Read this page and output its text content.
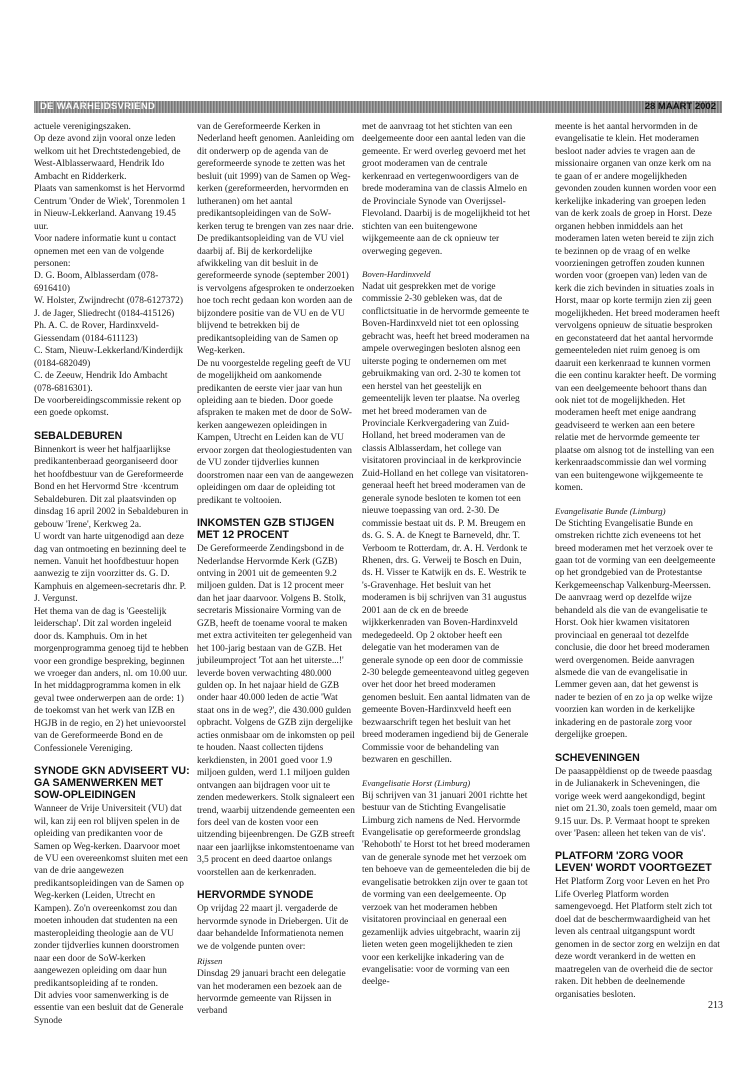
DE WAARHEIDSVRIEND	28 MAART 2002

actuele verenigingszaken.

Op deze avond zijn vooral onze leden welkom uit het Drechtstedengebied, de West-Alblasserwaard, Hendrik Ido Ambacht en Ridderkerk.

Plaats van samenkomst is het Hervormd Centrum 'Onder de Wiek', Torenmolen 1 in Nieuw-Lekkerland. Aanvang 19.45 uur.

Voor nadere informatie kunt u contact opnemen met een van de volgende personen:

D. G. Boom, Alblasserdam (078-6916410)
W. Holster, Zwijndrecht (078-6127372)
J. de Jager, Sliedrecht (0184-415126)
Ph. A. C. de Rover, Hardinxveld-Giessendam (0184-611123)
C. Stam, Nieuw-Lekkerland/Kinderdijk (0184-682049)
C. de Zeeuw, Hendrik Ido Ambacht (078-6816301).

De voorbereidingscommissie rekent op een goede opkomst.

SEBALDEBUREN

Binnenkort is weer het halfjaarlijkse predikantenberaad georganiseerd door het hoofdbestuur van de Gereformeerde Bond en het Hervormd Stre ·kcentrum Sebaldeburen. Dit zal plaatsvinden op dinsdag 16 april 2002 in Sebaldeburen in gebouw 'Irene', Kerkweg 2a.

U wordt van harte uitgenodigd aan deze dag van ontmoeting en bezinning deel te nemen. Vanuit het hoofdbestuur hopen aanwezig te zijn voorzitter ds. G. D. Kamphuis en algemeen-secretaris dhr. P. J. Vergunst.

Het thema van de dag is 'Geestelijk leiderschap'. Dit zal worden ingeleid door ds. Kamphuis. Om in het morgenprogramma genoeg tijd te hebben voor een grondige bespreking, beginnen we vroeger dan anders, nl. om 10.00 uur.

In het middagprogramma komen in elk geval twee onderwerpen aan de orde: 1) de toekomst van het werk van IZB en HGJB in de regio, en 2) het unievoorstel van de Gereformeerde Bond en de Confessionele Vereniging.

SYNODE GKN ADVISEERT VU: GA SAMENWERKEN MET SOW-OPLEIDINGEN

Wanneer de Vrije Universiteit (VU) dat wil, kan zij een rol blijven spelen in de opleiding van predikanten voor de Samen op Weg-kerken. Daarvoor moet de VU een overeenkomst sluiten met een van de drie aangewezen predikantsopleidingen van de Samen op Weg-kerken (Leiden, Utrecht en Kampen). Zo'n overeenkomst zou dan moeten inhouden dat studenten na een masteropleiding theologie aan de VU zonder tijdverlies kunnen doorstromen naar een door de SoW-kerken aangewezen opleiding om daar hun predikantsopleiding af te ronden.

Dit advies voor samenwerking is de essentie van een besluit dat de Generale Synode

van de Gereformeerde Kerken in Nederland heeft genomen. Aanleiding om dit onderwerp op de agenda van de gereformeerde synode te zetten was het besluit (uit 1999) van de Samen op Weg-kerken (gereformeerden, hervormden en lutheranen) om het aantal predikantsopleidingen van de SoW-kerken terug te brengen van zes naar drie. De predikantsopleiding van de VU viel daarbij af. Bij de kerkordelijke afwikkeling van dit besluit in de gereformeerde synode (september 2001) is vervolgens afgesproken te onderzoeken hoe toch recht gedaan kon worden aan de bijzondere positie van de VU en de VU blijvend te betrekken bij de predikantsopleiding van de Samen op Weg-kerken.

De nu voorgestelde regeling geeft de VU de mogelijkheid om aankomende predikanten de eerste vier jaar van hun opleiding aan te bieden. Door goede afspraken te maken met de door de SoW-kerken aangewezen opleidingen in Kampen, Utrecht en Leiden kan de VU ervoor zorgen dat theologiestudenten van de VU zonder tijdverlies kunnen doorstromen naar een van de aangewezen opleidingen om daar de opleiding tot predikant te voltooien.

INKOMSTEN GZB STIJGEN MET 12 PROCENT

De Gereformeerde Zendingsbond in de Nederlandse Hervormde Kerk (GZB) ontving in 2001 uit de gemeenten 9.2 miljoen gulden. Dat is 12 procent meer dan het jaar daarvoor. Volgens B. Stolk, secretaris Missionaire Vorming van de GZB, heeft de toename vooral te maken met extra activiteiten ter gelegenheid van het 100-jarig bestaan van de GZB. Het jubileumproject 'Tot aan het uiterste...!' leverde boven verwachting 480.000 gulden op. In het najaar hield de GZB onder haar 40.000 leden de actie 'Wat staat ons in de weg?', die 430.000 gulden opbracht. Volgens de GZB zijn dergelijke acties onmisbaar om de inkomsten op peil te houden. Naast collecten tijdens kerkdiensten, in 2001 goed voor 1.9 miljoen gulden, werd 1.1 miljoen gulden ontvangen aan bijdragen voor uit te zenden medewerkers. Stolk signaleert een trend, waarbij uitzendende gemeenten een fors deel van de kosten voor een uitzending bijeenbrengen. De GZB streeft naar een jaarlijkse inkomstentoename van 3,5 procent en deed daartoe onlangs voorstellen aan de kerkenraden.

HERVORMDE SYNODE

Op vrijdag 22 maart jl. vergaderde de hervormde synode in Driebergen. Uit de daar behandelde Informatienota nemen we de volgende punten over:

Rijssen

Dinsdag 29 januari bracht een delegatie van het moderamen een bezoek aan de hervormde gemeente van Rijssen in verband

met de aanvraag tot het stichten van een deelgemeente door een aantal leden van die gemeente. Er werd overleg gevoerd met het groot moderamen van de centrale kerkenraad en vertegenwoordigers van de brede moderamina van de classis Almelo en de Provinciale Synode van Overijssel-Flevoland. Daarbij is de mogelijkheid tot het stichten van een buitengewone wijkgemeente aan de ck opnieuw ter overweging gegeven.

Boven-Hardinxveld

Nadat uit gesprekken met de vorige commissie 2-30 gebleken was, dat de conflictsituatie in de hervormde gemeente te Boven-Hardinxveld niet tot een oplossing gebracht was, heeft het breed moderamen na ampele overwegingen besloten alsnog een uiterste poging te ondernemen om met gebruikmaking van ord. 2-30 te komen tot een herstel van het geestelijk en gemeentelijk leven ter plaatse. Na overleg met het breed moderamen van de Provinciale Kerkvergadering van Zuid-Holland, het breed moderamen van de classis Alblasserdam, het college van visitatoren provinciaal in de kerkprovincie Zuid-Holland en het college van visitatoren-generaal heeft het breed moderamen van de generale synode besloten te komen tot een nieuwe toepassing van ord. 2-30. De commissie bestaat uit ds. P. M. Breugem en ds. G. S. A. de Knegt te Barneveld, dhr. T. Verboom te Rotterdam, dr. A. H. Verdonk te Rhenen, drs. G. Verweij te Bosch en Duin, ds. H. Visser te Katwijk en ds. E. Westrik te 's-Gravenhage. Het besluit van het moderamen is bij schrijven van 31 augustus 2001 aan de ck en de breede wijkkerkenraden van Boven-Hardinxveld medegedeeld. Op 2 oktober heeft een delegatie van het moderamen van de generale synode op een door de commissie 2-30 belegde gemeenteavond uitleg gegeven over het door het breed moderamen genomen besluit. Een aantal lidmaten van de gemeente Boven-Hardinxveld heeft een bezwaarschrift tegen het besluit van het breed moderamen ingediend bij de Generale Commissie voor de behandeling van bezwaren en geschillen.

Evangelisatie Horst (Limburg)

Bij schrijven van 31 januari 2001 richtte het bestuur van de Stichting Evangelisatie Limburg zich namens de Ned. Hervormde Evangelisatie op gereformeerde grondslag 'Rehoboth' te Horst tot het breed moderamen van de generale synode met het verzoek om ten behoeve van de gemeenteleden die bij de evangelisatie betrokken zijn over te gaan tot de vorming van een deelgemeente. Op verzoek van het moderamen hebben visitatoren provinciaal en generaal een gezamenlijk advies uitgebracht, waarin zij lieten weten geen mogelijkheden te zien voor een kerkelijke inkadering van de evangelisatie: voor de vorming van een deelge-

meente is het aantal hervormden in de evangelisatie te klein. Het moderamen besloot nader advies te vragen aan de missionaire organen van onze kerk om na te gaan of er andere mogelijkheden gevonden zouden kunnen worden voor een kerkelijke inkadering van groepen leden van de kerk zoals de groep in Horst. Deze organen hebben inmiddels aan het moderamen laten weten bereid te zijn zich te bezinnen op de vraag of en welke voorzieningen getroffen zouden kunnen worden voor (groepen van) leden van de kerk die zich bevinden in situaties zoals in Horst, maar op korte termijn zien zij geen mogelijkheden. Het breed moderamen heeft vervolgens opnieuw de situatie besproken en geconstateerd dat het aantal hervormde gemeenteleden niet ruim genoeg is om daaruit een kerkenraad te kunnen vormen die een continu karakter heeft. De vorming van een deelgemeente behoort thans dan ook niet tot de mogelijkheden. Het moderamen heeft met enige aandrang geadviseerd te werken aan een betere relatie met de hervormde gemeente ter plaatse om alsnog tot de instelling van een kerkenraadscommissie dan wel vorming van een buitengewone wijkgemeente te komen.

Evangelisatie Bunde (Limburg)

De Stichting Evangelisatie Bunde en omstreken richtte zich eveneens tot het breed moderamen met het verzoek over te gaan tot de vorming van een deelgemeente op het grondgebied van de Protestantse Kerkgemeenschap Valkenburg-Meerssen. De aanvraag werd op dezelfde wijze behandeld als die van de evangelisatie te Horst. Ook hier kwamen visitatoren provinciaal en generaal tot dezelfde conclusie, die door het breed moderamen werd overgenomen. Beide aanvragen alsmede die van de evangelisatie in Lemmer geven aan, dat het gewenst is nader te bezien of en zo ja op welke wijze voorzien kan worden in de kerkelijke inkadering en de pastorale zorg voor dergelijke groepen.

SCHEVENINGEN

De paasappèldienst op de tweede paasdag in de Julianakerk in Scheveningen, die vorige week werd aangekondigd, begint niet om 21.30, zoals toen gemeld, maar om 9.15 uur. Ds. P. Vermaat hoopt te spreken over 'Pasen: alleen het teken van de vis'.

PLATFORM 'ZORG VOOR LEVEN' WORDT VOORTGEZET

Het Platform Zorg voor Leven en het Pro Life Overleg Platform worden samengevoegd. Het Platform stelt zich tot doel dat de beschermwaardigheid van het leven als centraal uitgangspunt wordt genomen in de sector zorg en welzijn en dat deze wordt verankerd in de wetten en maatregelen van de overheid die de sector raken. Dit hebben de deelnemende organisaties besloten.

213
